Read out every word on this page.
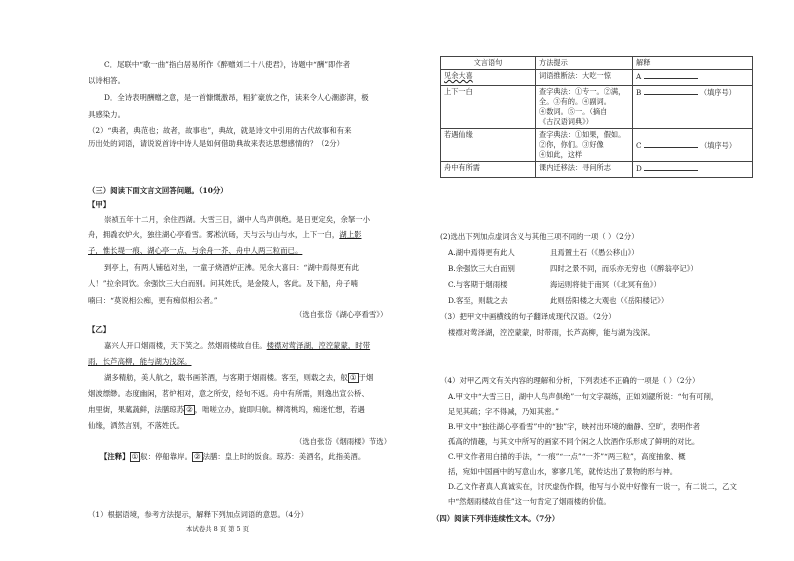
C．尾联中“歌一曲”指白居易所作《醉赠刘二十八使君》，诗题中“酬”即作者
以诗相答。
D．全诗表明酬赠之意，是一首慷慨激昂，粗犷豪放之作，读来令人心潮澎湃，极
具感染力。
（2）“典者，典范也；故者，故事也”，典故，就是诗文中引用的古代故事和有来
历出处的词语，请说说首诗中诗人是如何借助典故来表达思想感情的？（2分）
（三）阅读下面文言文回答问题。（10分）
【甲】
崇祯五年十二月，余住西湖。大雪三日，湖中人鸟声俱绝。是日更定矣，余拏一小
舟，拥毳衣炉火，独往湖心亭看雪。雾凇沆砀，天与云与山与水，上下一白，湖上影
子，惟长堤一痕、湖心亭一点、与余舟一芥、舟中人两三粒而已。
到亭上，有两人铺毡对坐，一童子烧酒炉正沸。见余大喜曰：“湖中焉得更有此
人！”拉余同饮。余强饮三大白而别。问其姓氏，是金陵人，客此。及下船，舟子喃
喃曰：“莫说相公痴，更有痴似相公者。”
（选自张岱《湖心亭看雪》）
【乙】
嘉兴人开口烟雨楼，天下笑之。然烟雨楼故自佳。楼襟对莺泽湖，涳涳蒙蒙，时带
雨，长芦高柳，能与湖为浅深。
湖多精舫，美人航之，载书画茶酒，与客期于烟雨楼。客至，则载之去，舣 ① 于烟
烟波缥缈。态度幽闲，茗炉相对，意之所安，经旬不返。舟中有所需，则逸出宣公桥、
甪里街，果蓏蔬鲜，法膳琼苏 ② ，咄嗟立办，旋即归航。柳湾桃坞，痴迷忙想，若遇
仙缘，洒然言别，不落姓氏。
（选自张岱《烟雨楼》节选）
【注释】 ① 舣：停船靠岸。 ② 法膳：皇上时的饭食。琼苏：美酒名，此指美酒。
（1）根据语境，参考方法提示，解释下列加点词语的意思。（4分）
本试卷共 8 页 第 5 页
文言语句	方法提示	解释
见余大喜	词语推断法：大吃一惊	A
上下一白	查字典法：①专一。②满，
全。③有的。④副词。
④数词。⑤一。（摘自
《古汉语词典》）	B （填序号）
若遇仙缘	查字典法：①如果，假如。
②你，你们。③好像
④如此，这样	C （填序号）

舟中有所需	课内迁移法：寻问所志	D
(2)选出下列加点虚词含义与其他三项不同的一项（ ）（2分）
A.湖中焉得更有此人	且焉置土石（《愚公移山》）
B.余强饮三大白而别	四时之景不同，而乐亦无穷也（《醉翁亭记》）
C.与客期于烟雨楼	海运则将徙于南冥（《北冥有鱼》）
D.客至，则载之去	此则岳阳楼之大观也（《岳阳楼记》）
（3）把甲文中画横线的句子翻译成现代汉语。（2分）
楼襟对莺泽湖，涳涳蒙蒙，时带雨，长芦高柳，能与湖为浅深。
（4）对甲乙两文有关内容的理解和分析，下列表述不正确的一项是（ ）（2分）
A.甲文中“大雪三日，湖中人鸟声俱绝”一句文字凝练，正如刘勰所说：“句有可削，
足见其疏；字不得减，乃知其密。”
B.甲文中“独往湖心亭看雪”中的“独”字，映衬出环境的幽静、空旷，表明作者
孤高的情趣，与其文中所写的画家不同个闲之人饮酒作乐形成了鲜明的对比。
C.甲文作者用白描的手法，“一痕”“一点”“一芥”“两三粒”，高度抽象、概
括，宛如中国画中的写意山水，寥寥几笔，就传达出了景物的形与神。
D.乙文作者真人真诚实在，讨厌虚伪作假，他写与小说中好像有一说一，有二说二，乙文
中“然烟雨楼故自佳”这一句肯定了烟雨楼的价值。
（四）阅读下列非连续性文本。（7分）
